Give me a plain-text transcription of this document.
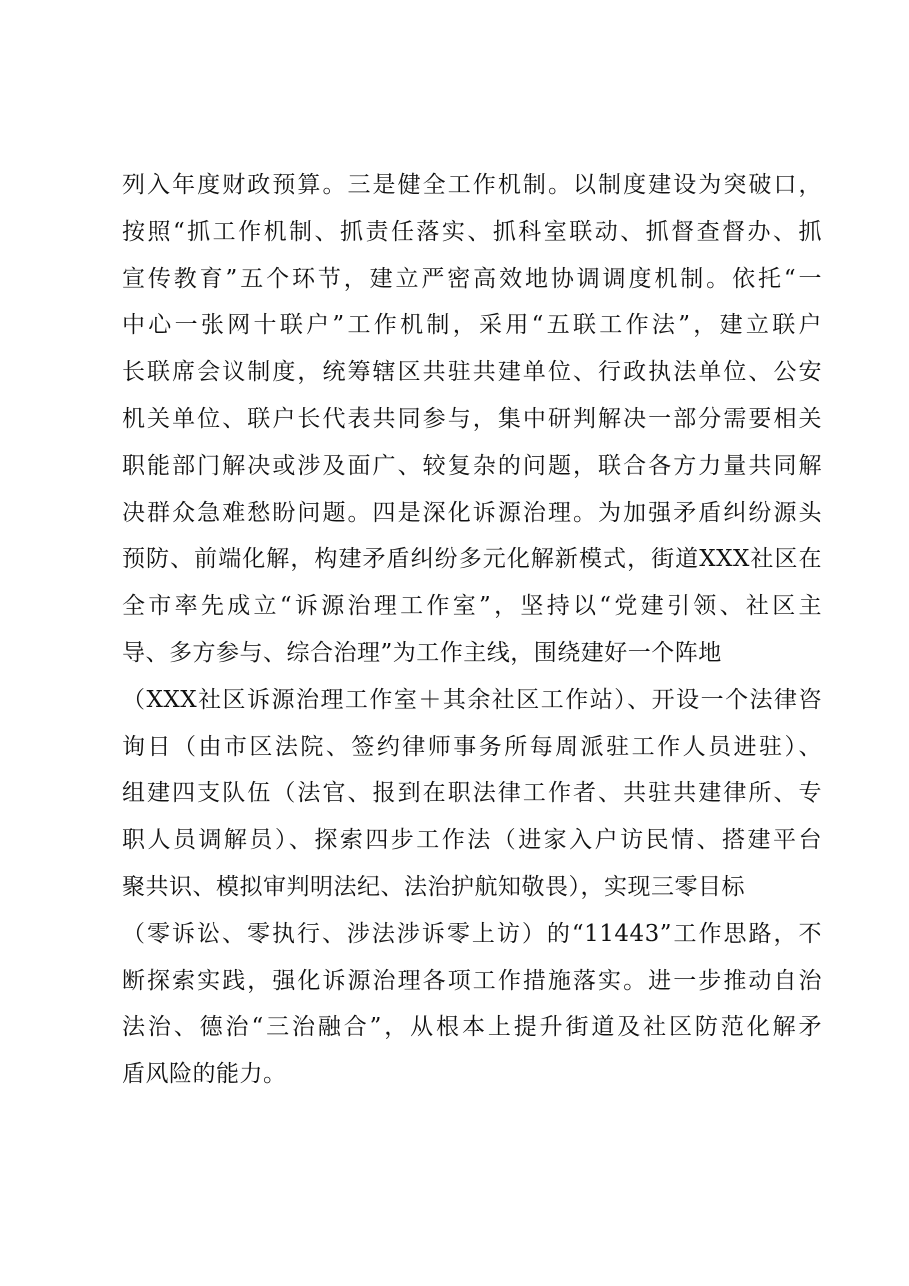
列入年度财政预算。三是健全工作机制。以制度建设为突破口，
按照“抓工作机制、抓责任落实、抓科室联动、抓督查督办、抓
宣传教育”五个环节，建立严密高效地协调调度机制。依托“一
中心一张网十联户”工作机制，采用“五联工作法”，建立联户
长联席会议制度，统筹辖区共驻共建单位、行政执法单位、公安
机关单位、联户长代表共同参与，集中研判解决一部分需要相关
职能部门解决或涉及面广、较复杂的问题，联合各方力量共同解
决群众急难愁盼问题。四是深化诉源治理。为加强矛盾纠纷源头
预防、前端化解，构建矛盾纠纷多元化解新模式，街道XXX社区在
全市率先成立“诉源治理工作室”，坚持以“党建引领、社区主
导、多方参与、综合治理”为工作主线，围绕建好一个阵地
（XXX社区诉源治理工作室＋其余社区工作站）、开设一个法律咨
询日（由市区法院、签约律师事务所每周派驻工作人员进驻）、
组建四支队伍（法官、报到在职法律工作者、共驻共建律所、专
职人员调解员）、探索四步工作法（进家入户访民情、搭建平台
聚共识、模拟审判明法纪、法治护航知敬畏），实现三零目标
（零诉讼、零执行、涉法涉诉零上访）的“11443”工作思路，不
断探索实践，强化诉源治理各项工作措施落实。进一步推动自治
法治、德治“三治融合”，从根本上提升街道及社区防范化解矛
盾风险的能力。
